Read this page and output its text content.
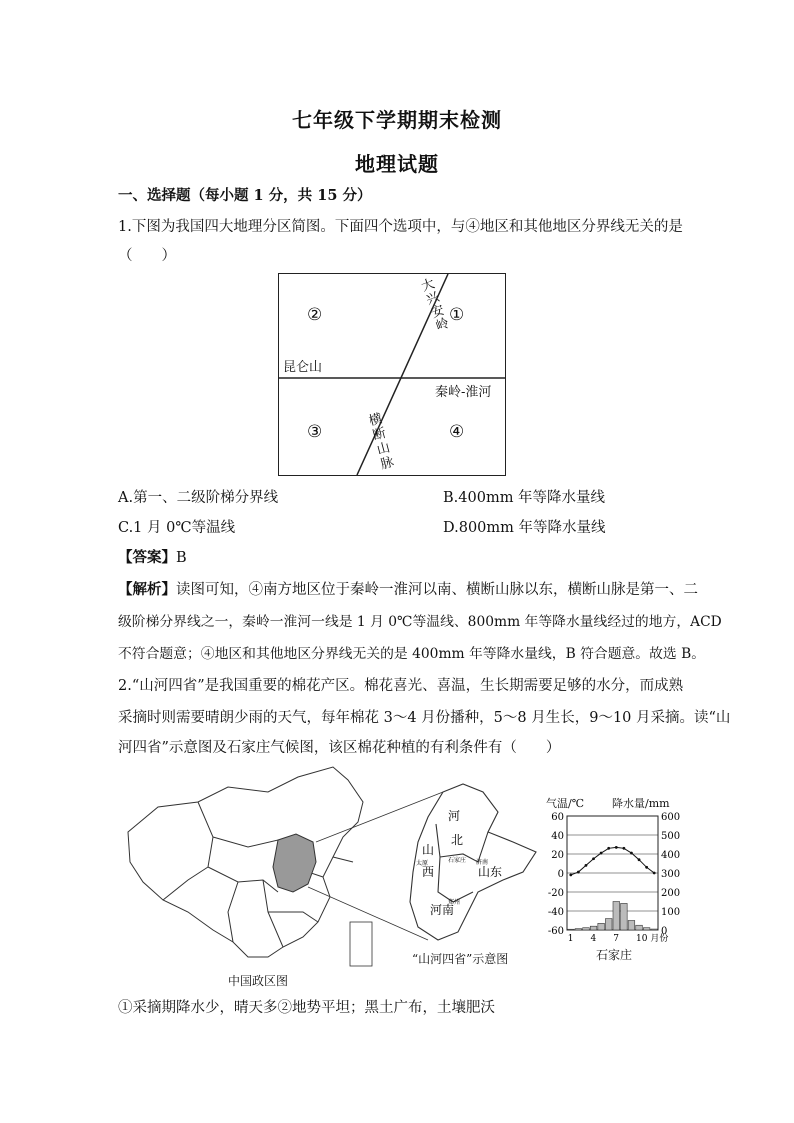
七年级下学期期末检测
地理试题
一、选择题（每小题 1 分，共 15 分）
1.下图为我国四大地理分区简图。下面四个选项中，与④地区和其他地区分界线无关的是
（　　）
②	①
③	④
昆仑山
秦岭-淮河
大
兴
安
岭
横
断
山
脉
A.第一、二级阶梯分界线	B.400mm 年等降水量线
C.1 月 0℃等温线	D.800mm 年等降水量线
【答案】B
【解析】读图可知，④南方地区位于秦岭一淮河以南、横断山脉以东，横断山脉是第一、二
级阶梯分界线之一，秦岭一淮河一线是 1 月 0℃等温线、800mm 年等降水量线经过的地方，ACD
不符合题意；④地区和其他地区分界线无关的是 400mm 年等降水量线，B 符合题意。故选 B。
2.“山河四省”是我国重要的棉花产区。棉花喜光、喜温，生长期需要足够的水分，而成熟
采摘时则需要晴朗少雨的天气，每年棉花 3～4 月份播种，5～8 月生长，9～10 月采摘。读“山
河四省”示意图及石家庄气候图，该区棉花种植的有利条件有（　　）
河
北
山
西	山东
河南
太原	石家庄 济南
郑州
中国政区图
“山河四省”示意图
气温/℃	降水量/mm
60
40
20
0
-20
-40
-60
600
500
400
300
200
100
0
1 4 7 10 月份
石家庄
①采摘期降水少，晴天多②地势平坦；黑土广布，土壤肥沃
